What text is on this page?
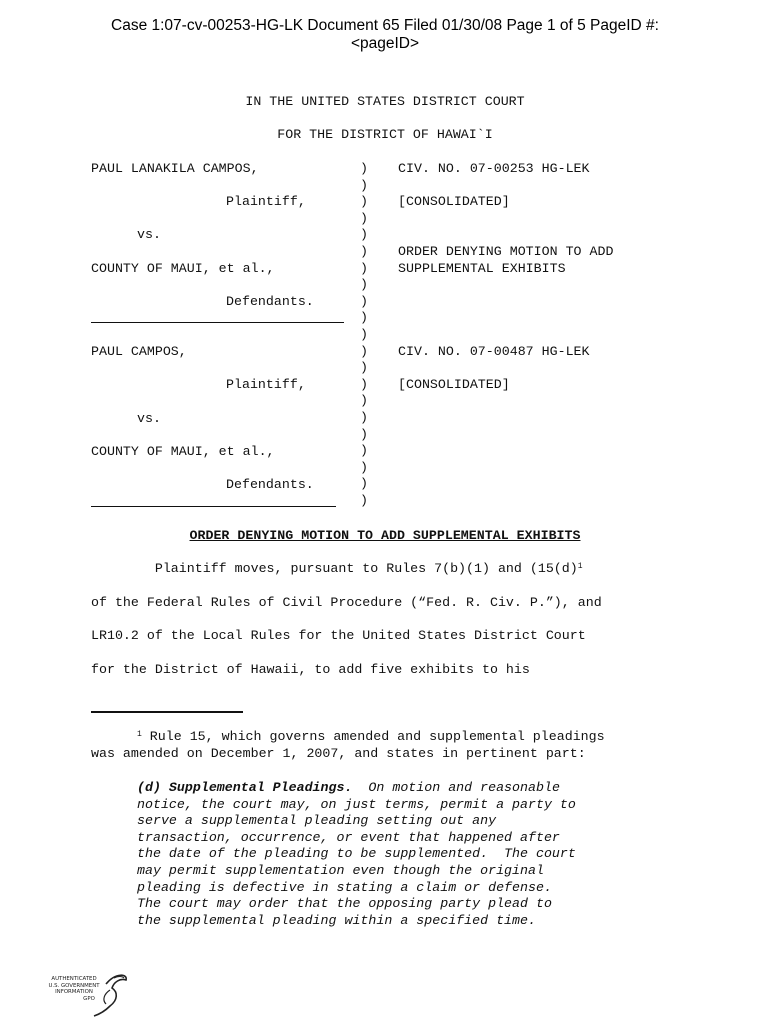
Case 1:07-cv-00253-HG-LK Document 65 Filed 01/30/08 Page 1 of 5 PageID #:
<pageID>
IN THE UNITED STATES DISTRICT COURT
FOR THE DISTRICT OF HAWAI`I
PAUL LANAKILA CAMPOS,
Plaintiff,
vs.
COUNTY OF MAUI, et al.,
Defendants.
CIV. NO. 07-00253 HG-LEK
[CONSOLIDATED]
ORDER DENYING MOTION TO ADD
SUPPLEMENTAL EXHIBITS
PAUL CAMPOS,
Plaintiff,
vs.
COUNTY OF MAUI, et al.,
Defendants.
CIV. NO. 07-00487 HG-LEK
[CONSOLIDATED]
)
)
)
)
)
)
)
)
)
)
)
)
)
)
)
)
)
)
)
)
)
ORDER DENYING MOTION TO ADD SUPPLEMENTAL EXHIBITS
Plaintiff moves, pursuant to Rules 7(b)(1) and ($15(d)^1$
of the Federal Rules of Civil Procedure (“Fed. R. Civ. P.”), and
LR10.2 of the Local Rules for the United States District Court
for the District of Hawaii, to add five exhibits to his
$^1$ Rule 15, which governs amended and supplemental pleadings
was amended on December 1, 2007, and states in pertinent part:
(d) Supplemental Pleadings.  On motion and reasonable
notice, the court may, on just terms, permit a party to
serve a supplemental pleading setting out any
transaction, occurrence, or event that happened after
the date of the pleading to be supplemented.  The court
may permit supplementation even though the original
pleading is defective in stating a claim or defense.
The court may order that the opposing party plead to
the supplemental pleading within a specified time.
AUTHENTICATED
U.S. GOVERNMENT
INFORMATION
GPO
